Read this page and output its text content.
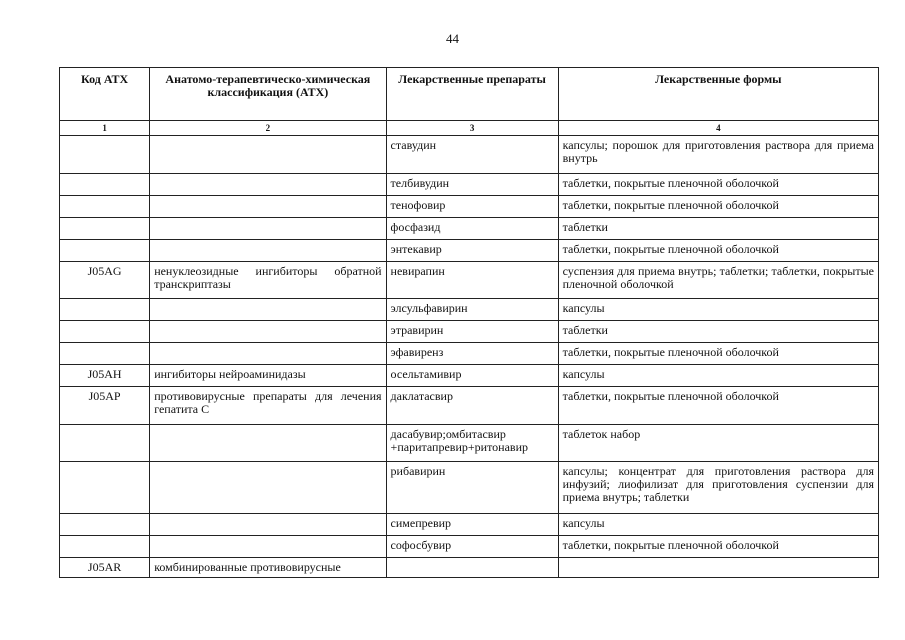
44
Код АТХ	Анатомо-терапевтическо-химическая классификация (АТХ)	Лекарственные препараты	Лекарственные формы
1	2	3	4
		ставудин	капсулы; порошок для приготовления раствора для приема внутрь
		телбивудин	таблетки, покрытые пленочной оболочкой
		тенофовир	таблетки, покрытые пленочной оболочкой
		фосфазид	таблетки
		энтекавир	таблетки, покрытые пленочной оболочкой
J05AG	ненуклеозидные ингибиторы обратной транскриптазы	невирапин	суспензия для приема внутрь; таблетки; таблетки, покрытые пленочной оболочкой
		элсульфавирин	капсулы
		этравирин	таблетки
		эфавиренз	таблетки, покрытые пленочной оболочкой
J05AH	ингибиторы нейроаминидазы	осельтамивир	капсулы
J05AP	противовирусные препараты для лечения гепатита С	даклатасвир	таблетки, покрытые пленочной оболочкой
		дасабувир;омбитасвир +паритапревир+ритонавир	таблеток набор
		рибавирин	капсулы; концентрат для приготовления раствора для инфузий; лиофилизат для приготовления суспензии для приема внутрь; таблетки
		симепревир	капсулы
		софосбувир	таблетки, покрытые пленочной оболочкой
J05AR	комбинированные противовирусные		
